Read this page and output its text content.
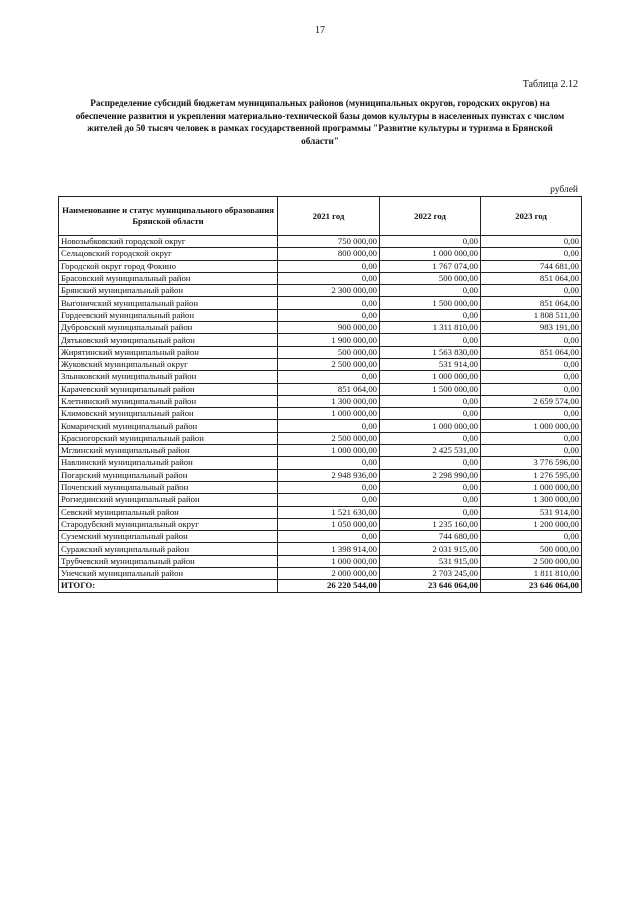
17
Таблица 2.12
Распределение субсидий бюджетам муниципальных районов (муниципальных округов, городских округов) на обеспечение развития и укрепления материально-технической базы домов культуры в населенных пунктах с числом жителей до 50 тысяч человек в рамках государственной программы "Развитие культуры и туризма в Брянской области"
рублей
Наименование и статус муниципального образования Брянской области	2021 год	2022 год	2023 год
Новозыбковский городской округ	750 000,00	0,00	0,00
Сельцовский городской округ	800 000,00	1 000 000,00	0,00
Городской округ город Фокино	0,00	1 767 074,00	744 681,00
Брасовский муниципальный район	0,00	500 000,00	851 064,00
Брянский муниципальный район	2 300 000,00	0,00	0,00
Выгоничский муниципальный район	0,00	1 500 000,00	851 064,00
Гордеевский муниципальный район	0,00	0,00	1 808 511,00
Дубровский муниципальный район	900 000,00	1 311 810,00	983 191,00
Дятьковский муниципальный район	1 900 000,00	0,00	0,00
Жирятинский муниципальный район	500 000,00	1 563 830,00	851 064,00
Жуковский муниципальный округ	2 500 000,00	531 914,00	0,00
Злынковский муниципальный район	0,00	1 000 000,00	0,00
Карачевский муниципальный район	851 064,00	1 500 000,00	0,00
Клетнянский муниципальный район	1 300 000,00	0,00	2 659 574,00
Климовский муниципальный район	1 000 000,00	0,00	0,00
Комаричский муниципальный район	0,00	1 000 000,00	1 000 000,00
Красногорский муниципальный район	2 500 000,00	0,00	0,00
Мглинский муниципальный район	1 000 000,00	2 425 531,00	0,00
Навлинский муниципальный район	0,00	0,00	3 776 596,00
Погарский муниципальный район	2 948 936,00	2 298 990,00	1 276 595,00
Почепский муниципальный район	0,00	0,00	1 000 000,00
Рогнединский муниципальный район	0,00	0,00	1 300 000,00
Севский муниципальный район	1 521 630,00	0,00	531 914,00
Стародубский муниципальный округ	1 050 000,00	1 235 160,00	1 200 000,00
Суземский муниципальный район	0,00	744 680,00	0,00
Суражский муниципальный район	1 398 914,00	2 031 915,00	500 000,00
Трубчевский муниципальный район	1 000 000,00	531 915,00	2 500 000,00
Унечский муниципальный район	2 000 000,00	2 703 245,00	1 811 810,00
ИТОГО:	26 220 544,00	23 646 064,00	23 646 064,00
